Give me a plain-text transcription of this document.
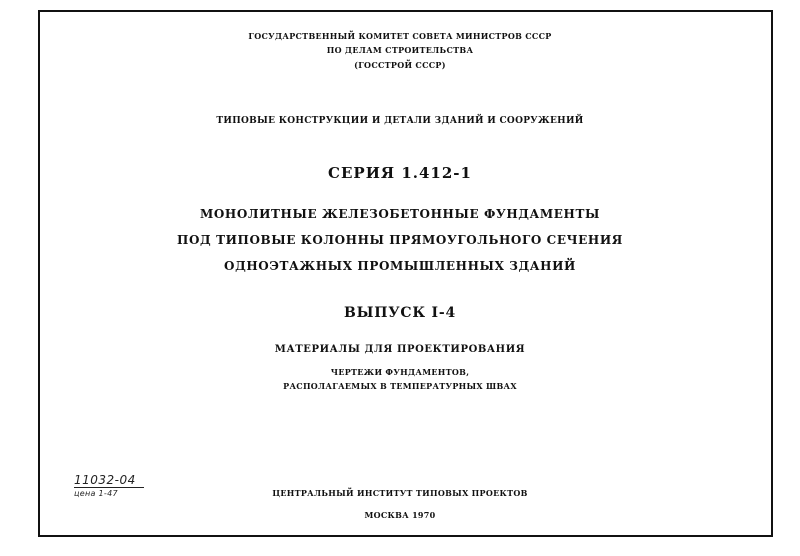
ГОСУДАРСТВЕННЫЙ КОМИТЕТ СОВЕТА МИНИСТРОВ СССР
ПО ДЕЛАМ СТРОИТЕЛЬСТВА
(ГОССТРОЙ СССР)
ТИПОВЫЕ КОНСТРУКЦИИ И ДЕТАЛИ ЗДАНИЙ И СООРУЖЕНИЙ
СЕРИЯ 1.412-1
МОНОЛИТНЫЕ ЖЕЛЕЗОБЕТОННЫЕ ФУНДАМЕНТЫ
ПОД ТИПОВЫЕ КОЛОННЫ ПРЯМОУГОЛЬНОГО СЕЧЕНИЯ
ОДНОЭТАЖНЫХ ПРОМЫШЛЕННЫХ ЗДАНИЙ
ВЫПУСК I-4
МАТЕРИАЛЫ ДЛЯ ПРОЕКТИРОВАНИЯ
ЧЕРТЕЖИ ФУНДАМЕНТОВ,
РАСПОЛАГАЕМЫХ В ТЕМПЕРАТУРНЫХ ШВАХ
11032-04
цена 1-47	ЦЕНТРАЛЬНЫЙ ИНСТИТУТ ТИПОВЫХ ПРОЕКТОВ
МОСКВА 1970
